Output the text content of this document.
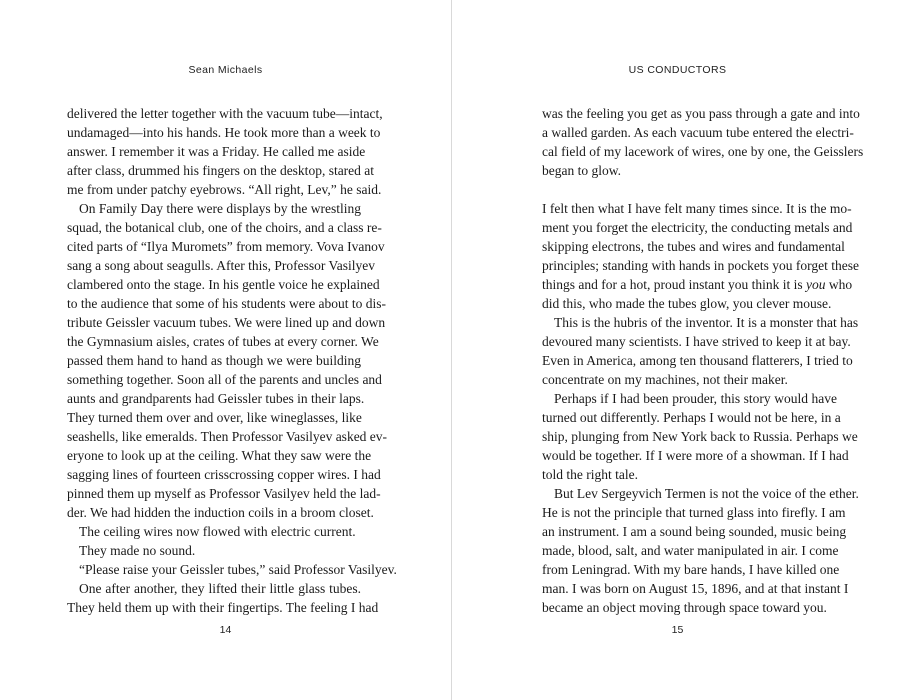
Sean Michaels
delivered the letter together with the vacuum tube—intact,
undamaged—into his hands. He took more than a week to
answer. I remember it was a Friday. He called me aside
after class, drummed his fingers on the desktop, stared at
me from under patchy eyebrows. “All right, Lev,” he said.
On Family Day there were displays by the wrestling
squad, the botanical club, one of the choirs, and a class re-
cited parts of “Ilya Muromets” from memory. Vova Ivanov
sang a song about seagulls. After this, Professor Vasilyev
clambered onto the stage. In his gentle voice he explained
to the audience that some of his students were about to dis-
tribute Geissler vacuum tubes. We were lined up and down
the Gymnasium aisles, crates of tubes at every corner. We
passed them hand to hand as though we were building
something together. Soon all of the parents and uncles and
aunts and grandparents had Geissler tubes in their laps.
They turned them over and over, like wineglasses, like
seashells, like emeralds. Then Professor Vasilyev asked ev-
eryone to look up at the ceiling. What they saw were the
sagging lines of fourteen crisscrossing copper wires. I had
pinned them up myself as Professor Vasilyev held the lad-
der. We had hidden the induction coils in a broom closet.
The ceiling wires now flowed with electric current.
They made no sound.
“Please raise your Geissler tubes,” said Professor Vasilyev.
One after another, they lifted their little glass tubes.
They held them up with their fingertips. The feeling I had
14
US CONDUCTORS
was the feeling you get as you pass through a gate and into
a walled garden. As each vacuum tube entered the electri-
cal field of my lacework of wires, one by one, the Geisslers
began to glow.
I felt then what I have felt many times since. It is the mo-
ment you forget the electricity, the conducting metals and
skipping electrons, the tubes and wires and fundamental
principles; standing with hands in pockets you forget these
things and for a hot, proud instant you think it is you who
did this, who made the tubes glow, you clever mouse.
This is the hubris of the inventor. It is a monster that has
devoured many scientists. I have strived to keep it at bay.
Even in America, among ten thousand flatterers, I tried to
concentrate on my machines, not their maker.
Perhaps if I had been prouder, this story would have
turned out differently. Perhaps I would not be here, in a
ship, plunging from New York back to Russia. Perhaps we
would be together. If I were more of a showman. If I had
told the right tale.
But Lev Sergeyvich Termen is not the voice of the ether.
He is not the principle that turned glass into firefly. I am
an instrument. I am a sound being sounded, music being
made, blood, salt, and water manipulated in air. I come
from Leningrad. With my bare hands, I have killed one
man. I was born on August 15, 1896, and at that instant I
became an object moving through space toward you.
15
